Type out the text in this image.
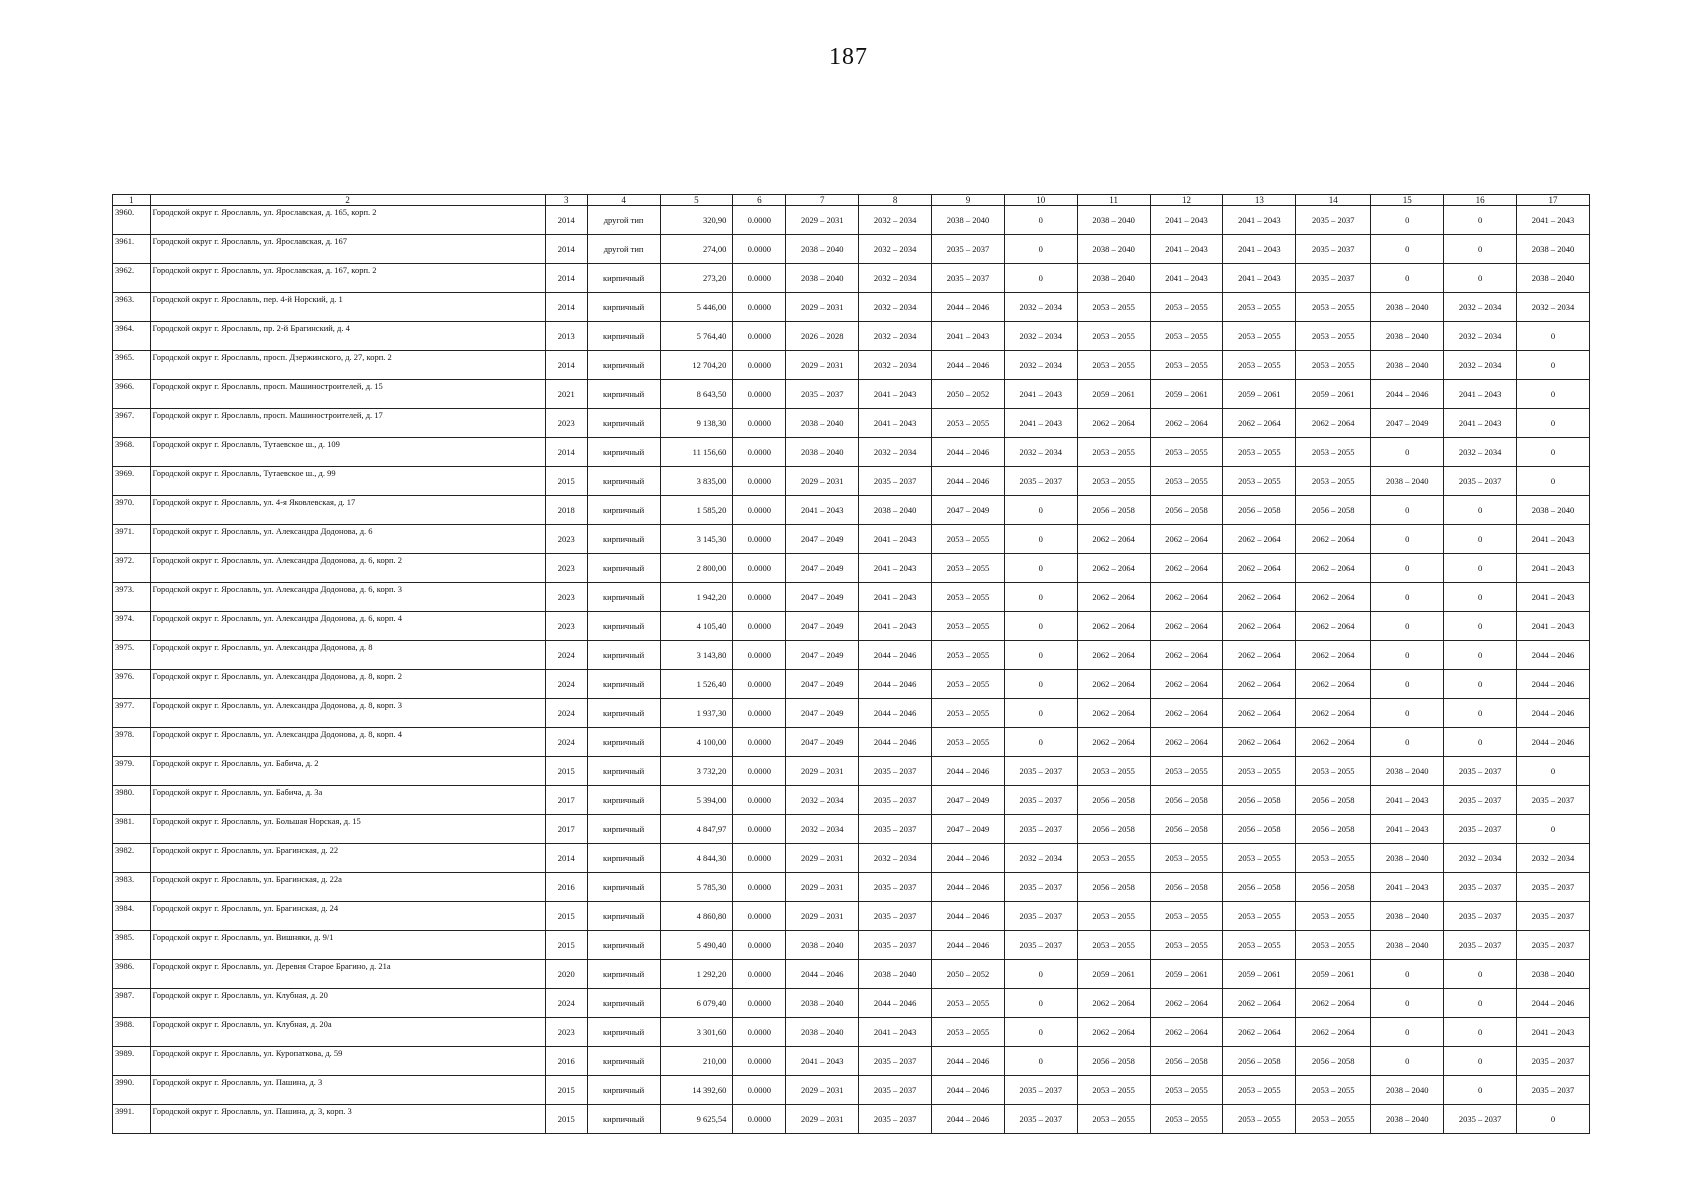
187
1	2	3	4	5	6	7	8	9	10	11	12	13	14	15	16	17
3960.	Городской округ г. Ярославль, ул. Ярославская, д. 165, корп. 2	2014	другой тип	320,90	0.0000	2029 – 2031	2032 – 2034	2038 – 2040	0	2038 – 2040	2041 – 2043	2041 – 2043	2035 – 2037	0	0	2041 – 2043
3961.	Городской округ г. Ярославль, ул. Ярославская, д. 167	2014	другой тип	274,00	0.0000	2038 – 2040	2032 – 2034	2035 – 2037	0	2038 – 2040	2041 – 2043	2041 – 2043	2035 – 2037	0	0	2038 – 2040
3962.	Городской округ г. Ярославль, ул. Ярославская, д. 167, корп. 2	2014	кирпичный	273,20	0.0000	2038 – 2040	2032 – 2034	2035 – 2037	0	2038 – 2040	2041 – 2043	2041 – 2043	2035 – 2037	0	0	2038 – 2040
3963.	Городской округ г. Ярославль, пер. 4-й Норский, д. 1	2014	кирпичный	5 446,00	0.0000	2029 – 2031	2032 – 2034	2044 – 2046	2032 – 2034	2053 – 2055	2053 – 2055	2053 – 2055	2053 – 2055	2038 – 2040	2032 – 2034	2032 – 2034
3964.	Городской округ г. Ярославль, пр. 2-й Брагинский, д. 4	2013	кирпичный	5 764,40	0.0000	2026 – 2028	2032 – 2034	2041 – 2043	2032 – 2034	2053 – 2055	2053 – 2055	2053 – 2055	2053 – 2055	2038 – 2040	2032 – 2034	0
3965.	Городской округ г. Ярославль, просп. Дзержинского, д. 27, корп. 2	2014	кирпичный	12 704,20	0.0000	2029 – 2031	2032 – 2034	2044 – 2046	2032 – 2034	2053 – 2055	2053 – 2055	2053 – 2055	2053 – 2055	2038 – 2040	2032 – 2034	0
3966.	Городской округ г. Ярославль, просп. Машиностроителей, д. 15	2021	кирпичный	8 643,50	0.0000	2035 – 2037	2041 – 2043	2050 – 2052	2041 – 2043	2059 – 2061	2059 – 2061	2059 – 2061	2059 – 2061	2044 – 2046	2041 – 2043	0
3967.	Городской округ г. Ярославль, просп. Машиностроителей, д. 17	2023	кирпичный	9 138,30	0.0000	2038 – 2040	2041 – 2043	2053 – 2055	2041 – 2043	2062 – 2064	2062 – 2064	2062 – 2064	2062 – 2064	2047 – 2049	2041 – 2043	0
3968.	Городской округ г. Ярославль, Тутаевское ш., д. 109	2014	кирпичный	11 156,60	0.0000	2038 – 2040	2032 – 2034	2044 – 2046	2032 – 2034	2053 – 2055	2053 – 2055	2053 – 2055	2053 – 2055	0	2032 – 2034	0
3969.	Городской округ г. Ярославль, Тутаевское ш., д. 99	2015	кирпичный	3 835,00	0.0000	2029 – 2031	2035 – 2037	2044 – 2046	2035 – 2037	2053 – 2055	2053 – 2055	2053 – 2055	2053 – 2055	2038 – 2040	2035 – 2037	0
3970.	Городской округ г. Ярославль, ул. 4-я Яковлевская, д. 17	2018	кирпичный	1 585,20	0.0000	2041 – 2043	2038 – 2040	2047 – 2049	0	2056 – 2058	2056 – 2058	2056 – 2058	2056 – 2058	0	0	2038 – 2040
3971.	Городской округ г. Ярославль, ул. Александра Додонова, д. 6	2023	кирпичный	3 145,30	0.0000	2047 – 2049	2041 – 2043	2053 – 2055	0	2062 – 2064	2062 – 2064	2062 – 2064	2062 – 2064	0	0	2041 – 2043
3972.	Городской округ г. Ярославль, ул. Александра Додонова, д. 6, корп. 2	2023	кирпичный	2 800,00	0.0000	2047 – 2049	2041 – 2043	2053 – 2055	0	2062 – 2064	2062 – 2064	2062 – 2064	2062 – 2064	0	0	2041 – 2043
3973.	Городской округ г. Ярославль, ул. Александра Додонова, д. 6, корп. 3	2023	кирпичный	1 942,20	0.0000	2047 – 2049	2041 – 2043	2053 – 2055	0	2062 – 2064	2062 – 2064	2062 – 2064	2062 – 2064	0	0	2041 – 2043
3974.	Городской округ г. Ярославль, ул. Александра Додонова, д. 6, корп. 4	2023	кирпичный	4 105,40	0.0000	2047 – 2049	2041 – 2043	2053 – 2055	0	2062 – 2064	2062 – 2064	2062 – 2064	2062 – 2064	0	0	2041 – 2043
3975.	Городской округ г. Ярославль, ул. Александра Додонова, д. 8	2024	кирпичный	3 143,80	0.0000	2047 – 2049	2044 – 2046	2053 – 2055	0	2062 – 2064	2062 – 2064	2062 – 2064	2062 – 2064	0	0	2044 – 2046
3976.	Городской округ г. Ярославль, ул. Александра Додонова, д. 8, корп. 2	2024	кирпичный	1 526,40	0.0000	2047 – 2049	2044 – 2046	2053 – 2055	0	2062 – 2064	2062 – 2064	2062 – 2064	2062 – 2064	0	0	2044 – 2046
3977.	Городской округ г. Ярославль, ул. Александра Додонова, д. 8, корп. 3	2024	кирпичный	1 937,30	0.0000	2047 – 2049	2044 – 2046	2053 – 2055	0	2062 – 2064	2062 – 2064	2062 – 2064	2062 – 2064	0	0	2044 – 2046
3978.	Городской округ г. Ярославль, ул. Александра Додонова, д. 8, корп. 4	2024	кирпичный	4 100,00	0.0000	2047 – 2049	2044 – 2046	2053 – 2055	0	2062 – 2064	2062 – 2064	2062 – 2064	2062 – 2064	0	0	2044 – 2046
3979.	Городской округ г. Ярославль, ул. Бабича, д. 2	2015	кирпичный	3 732,20	0.0000	2029 – 2031	2035 – 2037	2044 – 2046	2035 – 2037	2053 – 2055	2053 – 2055	2053 – 2055	2053 – 2055	2038 – 2040	2035 – 2037	0
3980.	Городской округ г. Ярославль, ул. Бабича, д. 3а	2017	кирпичный	5 394,00	0.0000	2032 – 2034	2035 – 2037	2047 – 2049	2035 – 2037	2056 – 2058	2056 – 2058	2056 – 2058	2056 – 2058	2041 – 2043	2035 – 2037	2035 – 2037
3981.	Городской округ г. Ярославль, ул. Большая Норская, д. 15	2017	кирпичный	4 847,97	0.0000	2032 – 2034	2035 – 2037	2047 – 2049	2035 – 2037	2056 – 2058	2056 – 2058	2056 – 2058	2056 – 2058	2041 – 2043	2035 – 2037	0
3982.	Городской округ г. Ярославль, ул. Брагинская, д. 22	2014	кирпичный	4 844,30	0.0000	2029 – 2031	2032 – 2034	2044 – 2046	2032 – 2034	2053 – 2055	2053 – 2055	2053 – 2055	2053 – 2055	2038 – 2040	2032 – 2034	2032 – 2034
3983.	Городской округ г. Ярославль, ул. Брагинская, д. 22а	2016	кирпичный	5 785,30	0.0000	2029 – 2031	2035 – 2037	2044 – 2046	2035 – 2037	2056 – 2058	2056 – 2058	2056 – 2058	2056 – 2058	2041 – 2043	2035 – 2037	2035 – 2037
3984.	Городской округ г. Ярославль, ул. Брагинская, д. 24	2015	кирпичный	4 860,80	0.0000	2029 – 2031	2035 – 2037	2044 – 2046	2035 – 2037	2053 – 2055	2053 – 2055	2053 – 2055	2053 – 2055	2038 – 2040	2035 – 2037	2035 – 2037
3985.	Городской округ г. Ярославль, ул. Вишняки, д. 9/1	2015	кирпичный	5 490,40	0.0000	2038 – 2040	2035 – 2037	2044 – 2046	2035 – 2037	2053 – 2055	2053 – 2055	2053 – 2055	2053 – 2055	2038 – 2040	2035 – 2037	2035 – 2037
3986.	Городской округ г. Ярославль, ул. Деревня Старое Брагино, д. 21а	2020	кирпичный	1 292,20	0.0000	2044 – 2046	2038 – 2040	2050 – 2052	0	2059 – 2061	2059 – 2061	2059 – 2061	2059 – 2061	0	0	2038 – 2040
3987.	Городской округ г. Ярославль, ул. Клубная, д. 20	2024	кирпичный	6 079,40	0.0000	2038 – 2040	2044 – 2046	2053 – 2055	0	2062 – 2064	2062 – 2064	2062 – 2064	2062 – 2064	0	0	2044 – 2046
3988.	Городской округ г. Ярославль, ул. Клубная, д. 20а	2023	кирпичный	3 301,60	0.0000	2038 – 2040	2041 – 2043	2053 – 2055	0	2062 – 2064	2062 – 2064	2062 – 2064	2062 – 2064	0	0	2041 – 2043
3989.	Городской округ г. Ярославль, ул. Куропаткова, д. 59	2016	кирпичный	210,00	0.0000	2041 – 2043	2035 – 2037	2044 – 2046	0	2056 – 2058	2056 – 2058	2056 – 2058	2056 – 2058	0	0	2035 – 2037
3990.	Городской округ г. Ярославль, ул. Пашина, д. 3	2015	кирпичный	14 392,60	0.0000	2029 – 2031	2035 – 2037	2044 – 2046	2035 – 2037	2053 – 2055	2053 – 2055	2053 – 2055	2053 – 2055	2038 – 2040	0	2035 – 2037
3991.	Городской округ г. Ярославль, ул. Пашина, д. 3, корп. 3	2015	кирпичный	9 625,54	0.0000	2029 – 2031	2035 – 2037	2044 – 2046	2035 – 2037	2053 – 2055	2053 – 2055	2053 – 2055	2053 – 2055	2038 – 2040	2035 – 2037	0
